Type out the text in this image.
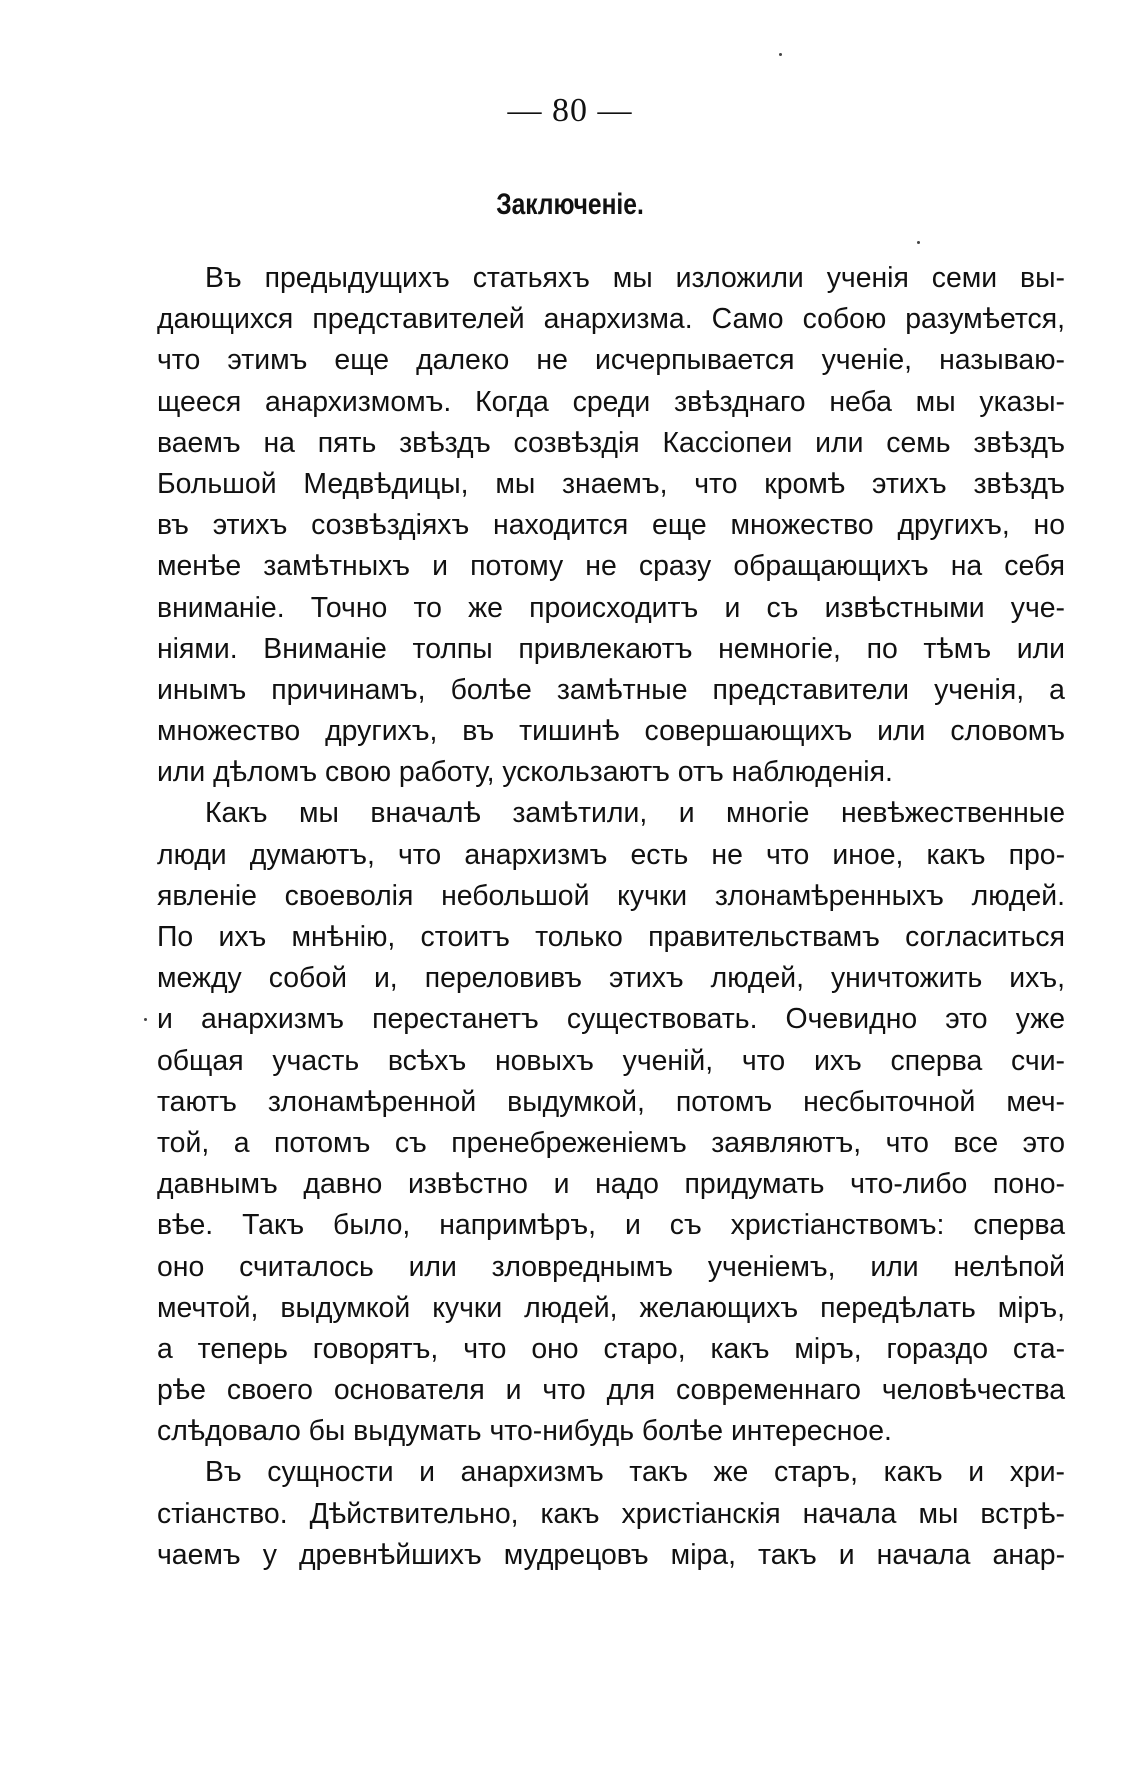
— 80 —
Заключеніе.
Въ предыдущихъ статьяхъ мы изложили ученія семи вы-
дающихся представителей анархизма. Само собою разумѣется,
что этимъ еще далеко не исчерпывается ученіе, называю-
щееся анархизмомъ. Когда среди звѣзднаго неба мы указы-
ваемъ на пять звѣздъ созвѣздія Кассіопеи или семь звѣздъ
Большой Медвѣдицы, мы знаемъ, что кромѣ этихъ звѣздъ
въ этихъ созвѣздіяхъ находится еще множество другихъ, но
менѣе замѣтныхъ и потому не сразу обращающихъ на себя
вниманіе. Точно то же происходитъ и съ извѣстными уче-
ніями. Вниманіе толпы привлекаютъ немногіе, по тѣмъ или
инымъ причинамъ, болѣе замѣтные представители ученія, а
множество другихъ, въ тишинѣ совершающихъ или словомъ
или дѣломъ свою работу, ускользаютъ отъ наблюденія.
Какъ мы вначалѣ замѣтили, и многіе невѣжественные
люди думаютъ, что анархизмъ есть не что иное, какъ про-
явленіе своеволія небольшой кучки злонамѣренныхъ людей.
По ихъ мнѣнію, стоитъ только правительствамъ согласиться
между собой и, переловивъ этихъ людей, уничтожить ихъ,
и анархизмъ перестанетъ существовать. Очевидно это уже
общая участь всѣхъ новыхъ ученій, что ихъ сперва счи-
таютъ злонамѣренной выдумкой, потомъ несбыточной меч-
той, а потомъ съ пренебреженіемъ заявляютъ, что все это
давнымъ давно извѣстно и надо придумать что-либо поно-
вѣе. Такъ было, напримѣръ, и съ христіанствомъ: сперва
оно считалось или зловреднымъ ученіемъ, или нелѣпой
мечтой, выдумкой кучки людей, желающихъ передѣлать міръ,
а теперь говорятъ, что оно старо, какъ міръ, гораздо ста-
рѣе своего основателя и что для современнаго человѣчества
слѣдовало бы выдумать что-нибудь болѣе интересное.
Въ сущности и анархизмъ такъ же старъ, какъ и хри-
стіанство. Дѣйствительно, какъ христіанскія начала мы встрѣ-
чаемъ у древнѣйшихъ мудрецовъ міра, такъ и начала анар-
